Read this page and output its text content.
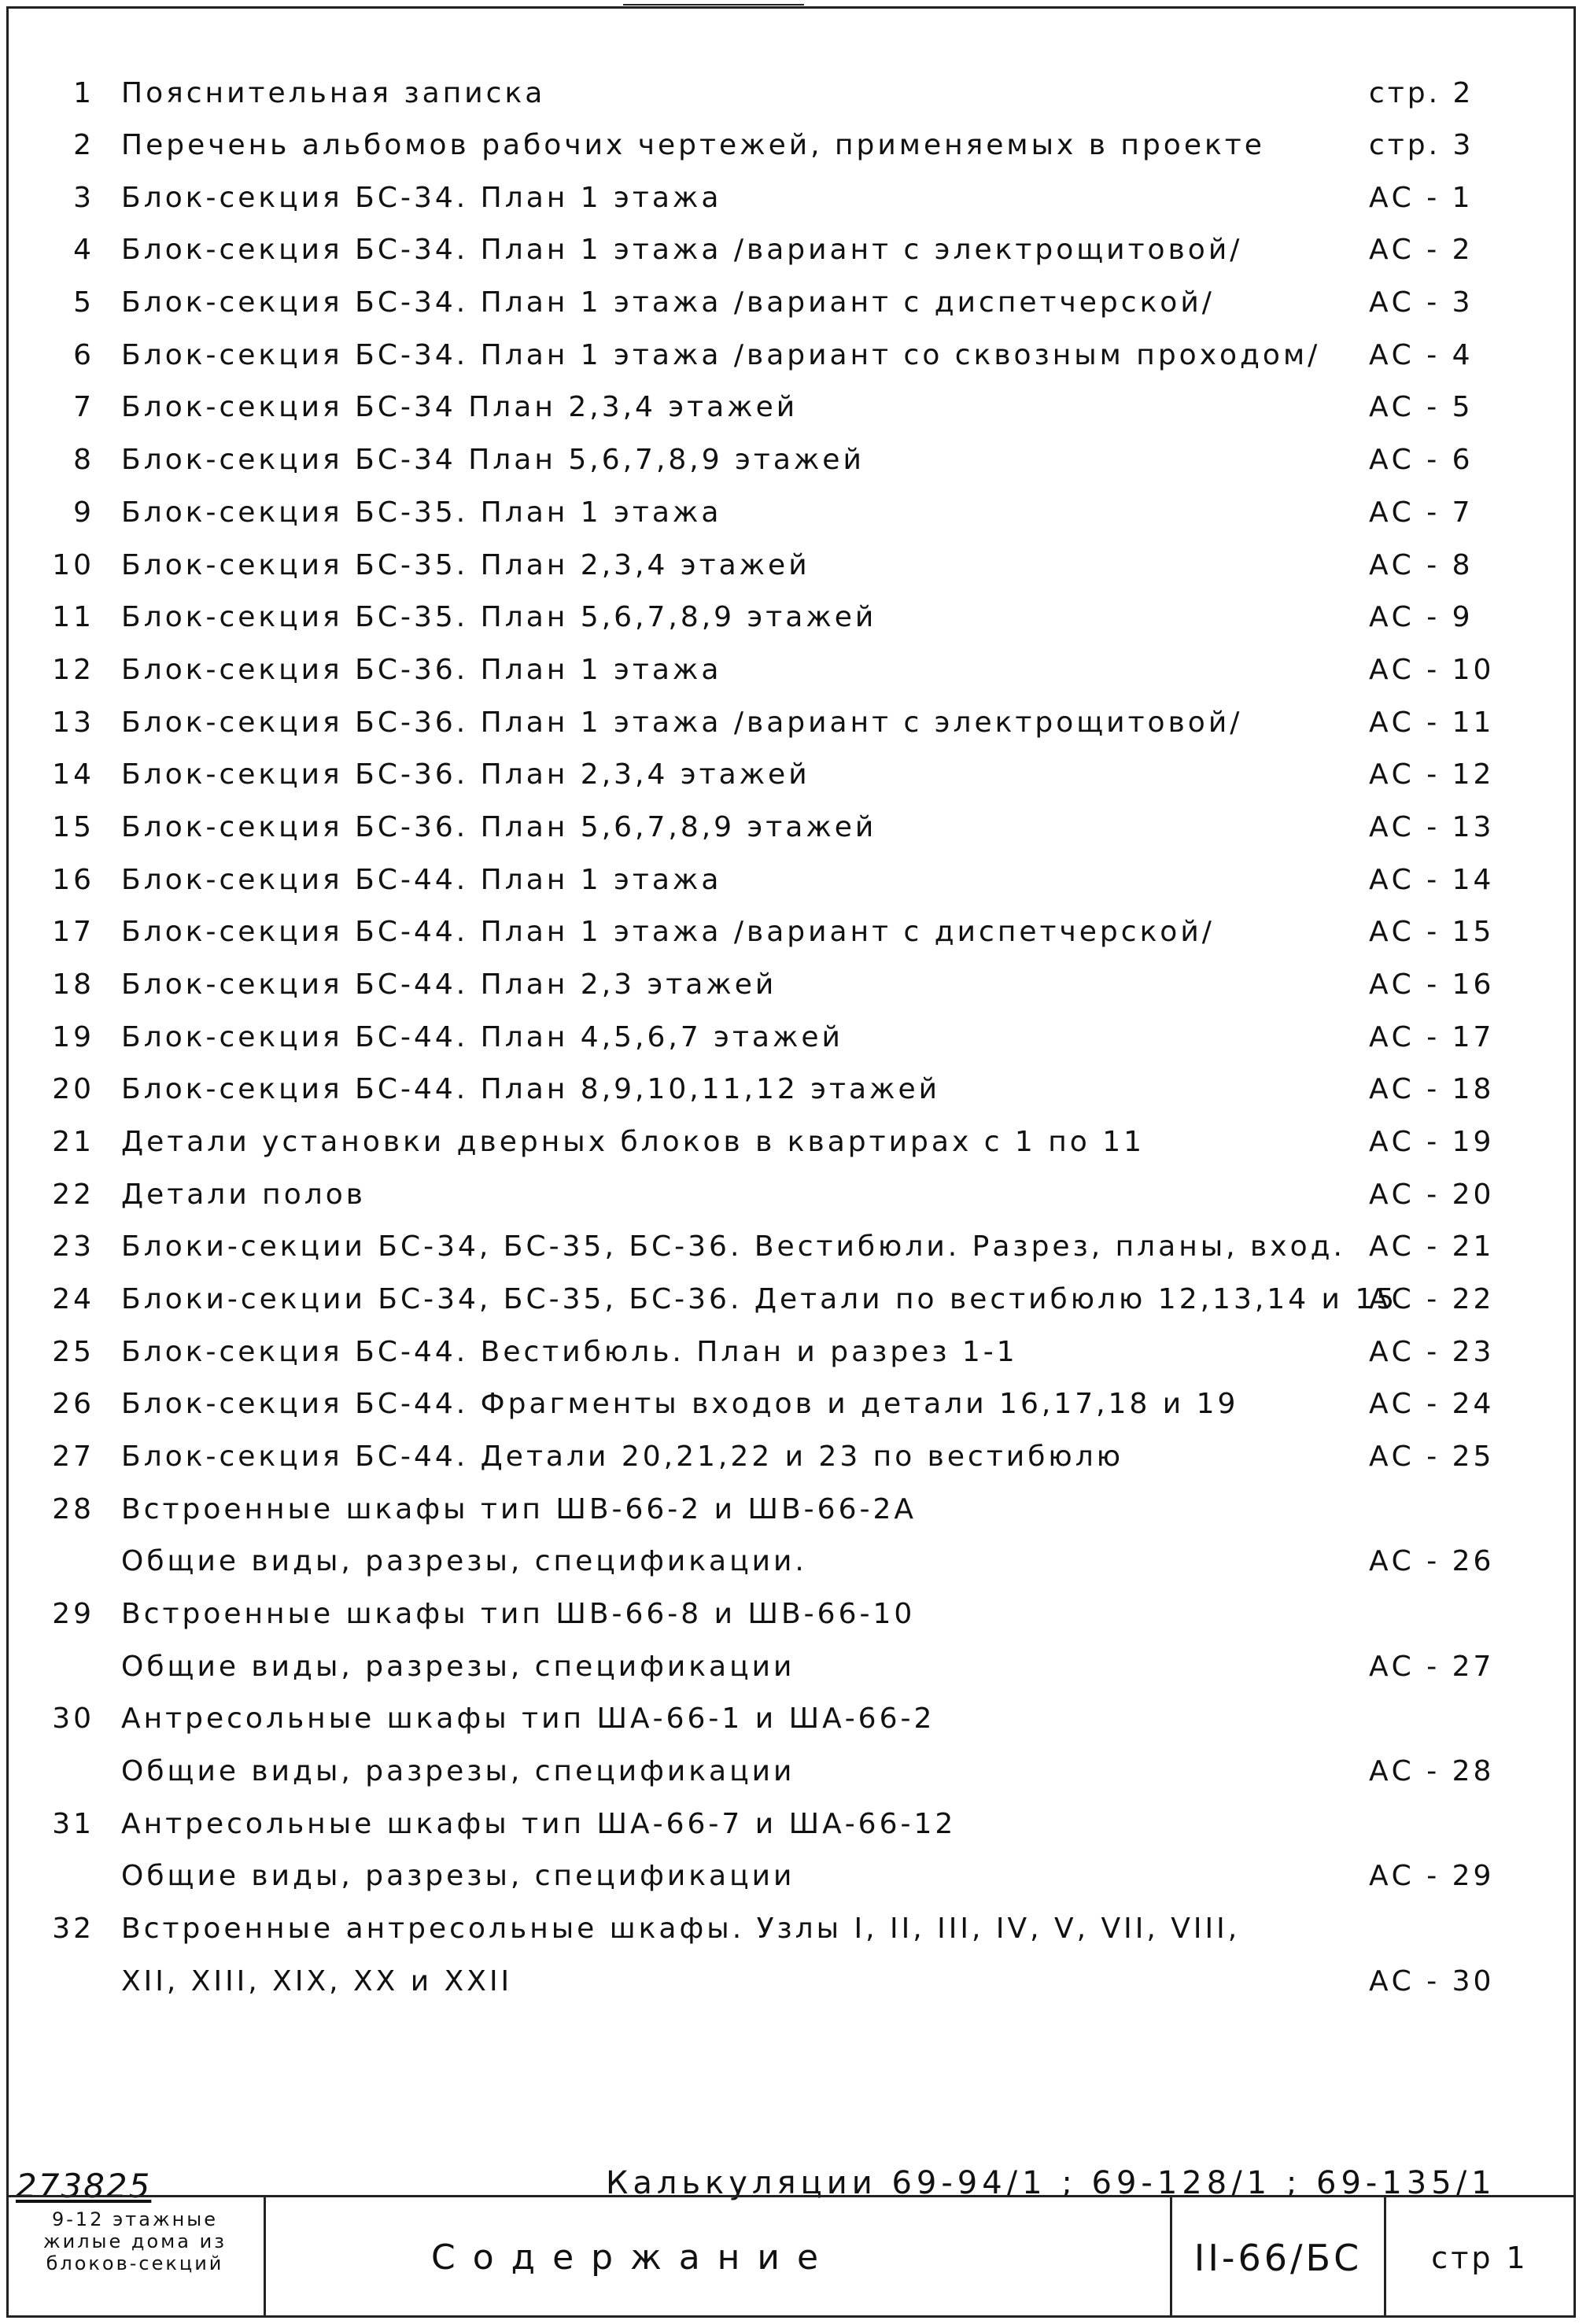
1 Пояснительная записка	стр. 2
2 Перечень альбомов рабочих чертежей, применяемых в проекте	стр. 3
3 Блок-секция БС-34. План 1 этажа	АС - 1
4 Блок-секция БС-34. План 1 этажа /вариант с электрощитовой/	АС - 2
5 Блок-секция БС-34. План 1 этажа /вариант с диспетчерской/	АС - 3
6 Блок-секция БС-34. План 1 этажа /вариант со сквозным проходом/ АС - 4
7 Блок-секция БС-34 План 2,3,4 этажей	АС - 5
8 Блок-секция БС-34 План 5,6,7,8,9 этажей	АС - 6
9 Блок-секция БС-35. План 1 этажа	АС - 7
10 Блок-секция БС-35. План 2,3,4 этажей	АС - 8
11 Блок-секция БС-35. План 5,6,7,8,9 этажей	АС - 9
12 Блок-секция БС-36. План 1 этажа	АС - 10
13 Блок-секция БС-36. План 1 этажа /вариант с электрощитовой/	АС - 11
14 Блок-секция БС-36. План 2,3,4 этажей	АС - 12
15 Блок-секция БС-36. План 5,6,7,8,9 этажей	АС - 13
16 Блок-секция БС-44. План 1 этажа	АС - 14
17 Блок-секция БС-44. План 1 этажа /вариант с диспетчерской/	АС - 15
18 Блок-секция БС-44. План 2,3 этажей	АС - 16
19 Блок-секция БС-44. План 4,5,6,7 этажей	АС - 17
20 Блок-секция БС-44. План 8,9,10,11,12 этажей	АС - 18
21 Детали установки дверных блоков в квартирах с 1 по 11	АС - 19
22 Детали полов	АС - 20
23 Блоки-секции БС-34, БС-35, БС-36. Вестибюли. Разрез, планы, вход. АС - 21
24 Блоки-секции БС-34, БС-35, БС-36. Детали по вестибюлю 12,13,14 и 15
АС - 22
25 Блок-секция БС-44. Вестибюль. План и разрез 1-1	АС - 23
26 Блок-секция БС-44. Фрагменты входов и детали 16,17,18 и 19	АС - 24
27 Блок-секция БС-44. Детали 20,21,22 и 23 по вестибюлю	АС - 25
28 Встроенные шкафы тип ШВ-66-2 и ШВ-66-2А
Общие виды, разрезы, спецификации.	АС - 26
29 Встроенные шкафы тип ШВ-66-8 и ШВ-66-10
Общие виды, разрезы, спецификации	АС - 27
30 Антресольные шкафы тип ША-66-1 и ША-66-2
Общие виды, разрезы, спецификации	АС - 28
31 Антресольные шкафы тип ША-66-7 и ША-66-12
Общие виды, разрезы, спецификации	АС - 29
32 Встроенные антресольные шкафы. Узлы I, II, III, IV, V, VII, VIII,
XII, XIII, XIX, XX и XXII	АС - 30
273825	Калькуляции 69-94/1 ; 69-128/1 ; 69-135/1
9-12 этажные
жилые дома из
блоков-секций	Содержание	II-66/БС	стр 1
